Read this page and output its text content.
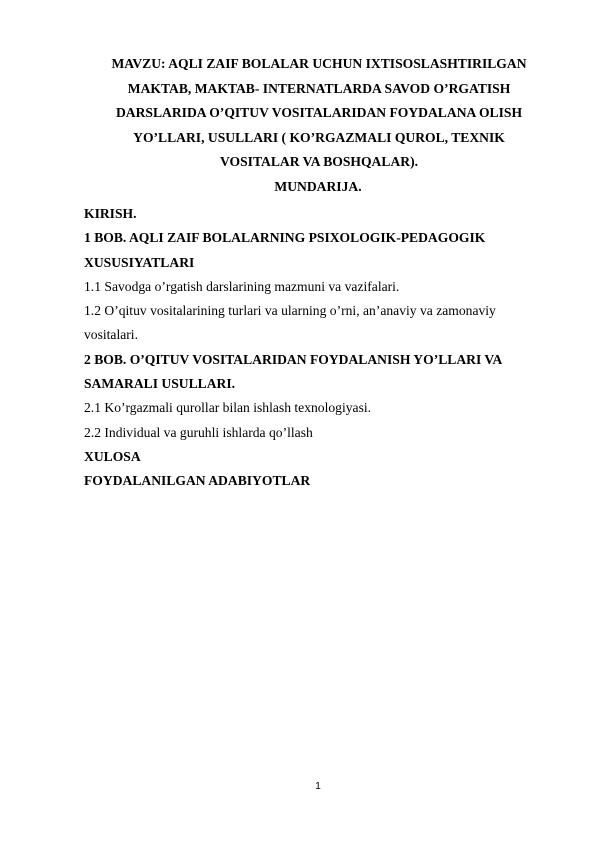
MAVZU: AQLI ZAIF BOLALAR UCHUN IXTISOSLASHTIRILGAN
MAKTAB, MAKTAB- INTERNATLARDA SAVOD O’RGATISH
DARSLARIDA O’QITUV VOSITALARIDAN FOYDALANA OLISH
YO’LLARI, USULLARI ( KO’RGAZMALI QUROL, TEXNIK
VOSITALAR VA BOSHQALAR).
MUNDARIJA.
KIRISH.
1 BOB. AQLI ZAIF BOLALARNING PSIXOLOGIK-PEDAGOGIK
XUSUSIYATLARI
1.1 Savodga o’rgatish darslarining mazmuni va vazifalari.
1.2 O’qituv vositalarining turlari va ularning o’rni, an’anaviy va zamonaviy
vositalari.
2 BOB. O’QITUV VOSITALARIDAN FOYDALANISH YO’LLARI VA
SAMARALI USULLARI.
2.1 Ko’rgazmali qurollar bilan ishlash texnologiyasi.
2.2 Individual va guruhli ishlarda qo’llash
XULOSA
FOYDALANILGAN ADABIYOTLAR
1
